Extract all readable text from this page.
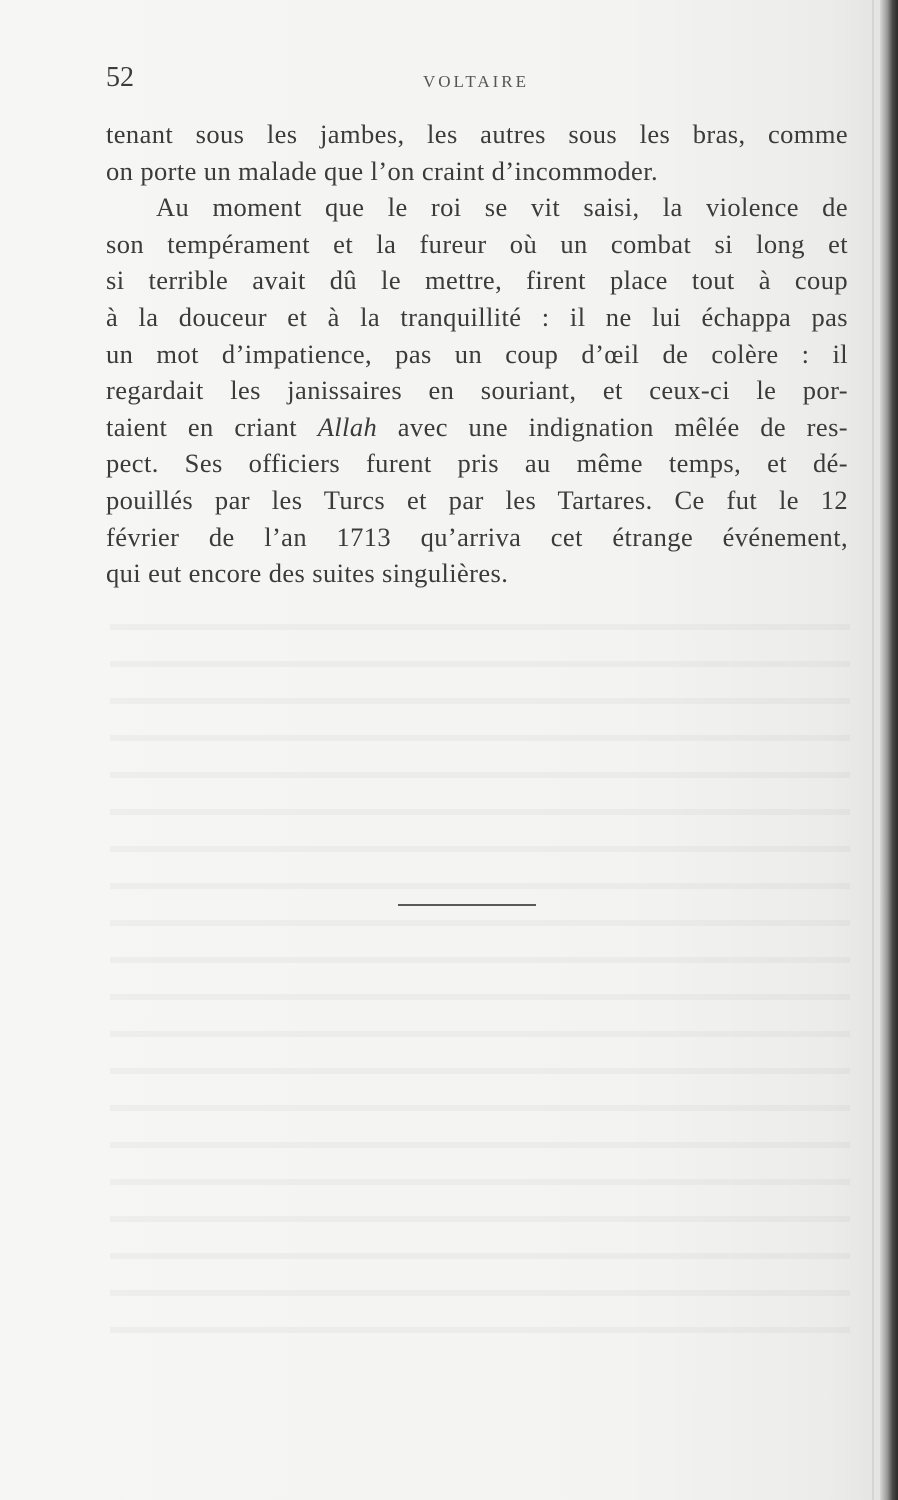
52	VOLTAIRE
tenant sous les jambes, les autres sous les bras, comme
on porte un malade que l’on craint d’incommoder.
Au moment que le roi se vit saisi, la violence de
son tempérament et la fureur où un combat si long et
si terrible avait dû le mettre, firent place tout à coup
à la douceur et à la tranquillité : il ne lui échappa pas
un mot d’impatience, pas un coup d’œil de colère : il
regardait les janissaires en souriant, et ceux-ci le por-
taient en criant Allah avec une indignation mêlée de res-
pect. Ses officiers furent pris au même temps, et dé-
pouillés par les Turcs et par les Tartares. Ce fut le 12
février de l’an 1713 qu’arriva cet étrange événement,
qui eut encore des suites singulières.
